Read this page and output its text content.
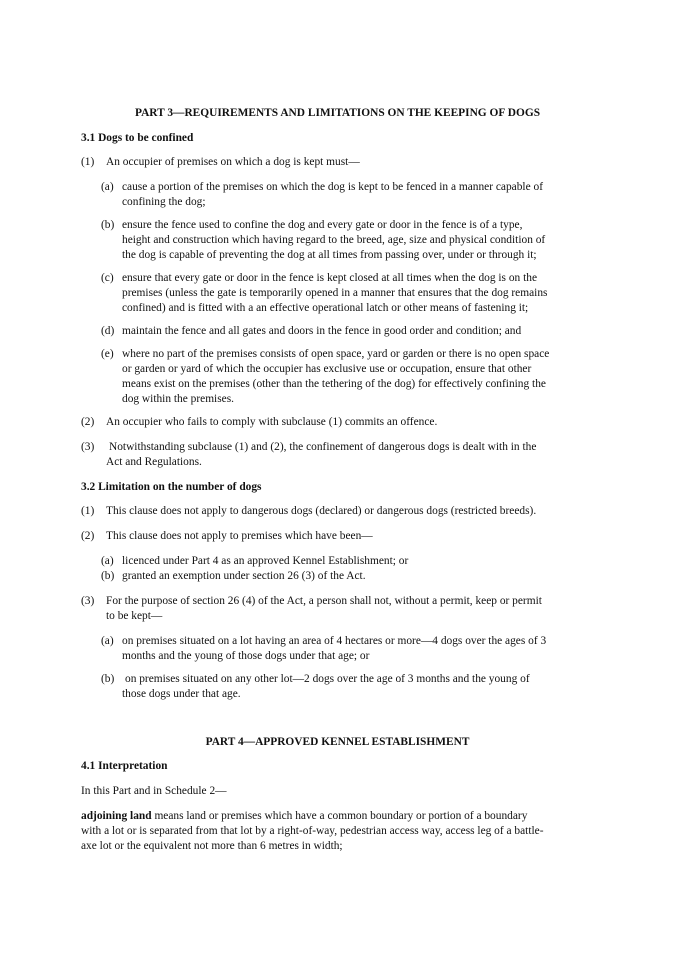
PART 3—REQUIREMENTS AND LIMITATIONS ON THE KEEPING OF DOGS
3.1 Dogs to be confined
(1) An occupier of premises on which a dog is kept must—
(a) cause a portion of the premises on which the dog is kept to be fenced in a manner capable of
confining the dog;
(b) ensure the fence used to confine the dog and every gate or door in the fence is of a type,
height and construction which having regard to the breed, age, size and physical condition of
the dog is capable of preventing the dog at all times from passing over, under or through it;
(c) ensure that every gate or door in the fence is kept closed at all times when the dog is on the
premises (unless the gate is temporarily opened in a manner that ensures that the dog remains
confined) and is fitted with a an effective operational latch or other means of fastening it;
(d) maintain the fence and all gates and doors in the fence in good order and condition; and
(e) where no part of the premises consists of open space, yard or garden or there is no open space
or garden or yard of which the occupier has exclusive use or occupation, ensure that other
means exist on the premises (other than the tethering of the dog) for effectively confining the
dog within the premises.
(2) An occupier who fails to comply with subclause (1) commits an offence.
(3) Notwithstanding subclause (1) and (2), the confinement of dangerous dogs is dealt with in the
Act and Regulations.
3.2 Limitation on the number of dogs
(1) This clause does not apply to dangerous dogs (declared) or dangerous dogs (restricted breeds).
(2) This clause does not apply to premises which have been—
(a) licenced under Part 4 as an approved Kennel Establishment; or
(b) granted an exemption under section 26 (3) of the Act.
(3) For the purpose of section 26 (4) of the Act, a person shall not, without a permit, keep or permit
to be kept—
(a) on premises situated on a lot having an area of 4 hectares or more—4 dogs over the ages of 3
months and the young of those dogs under that age; or
(b) on premises situated on any other lot—2 dogs over the age of 3 months and the young of
those dogs under that age.
PART 4—APPROVED KENNEL ESTABLISHMENT
4.1 Interpretation
In this Part and in Schedule 2—
adjoining land means land or premises which have a common boundary or portion of a boundary
with a lot or is separated from that lot by a right-of-way, pedestrian access way, access leg of a battle-
axe lot or the equivalent not more than 6 metres in width;
